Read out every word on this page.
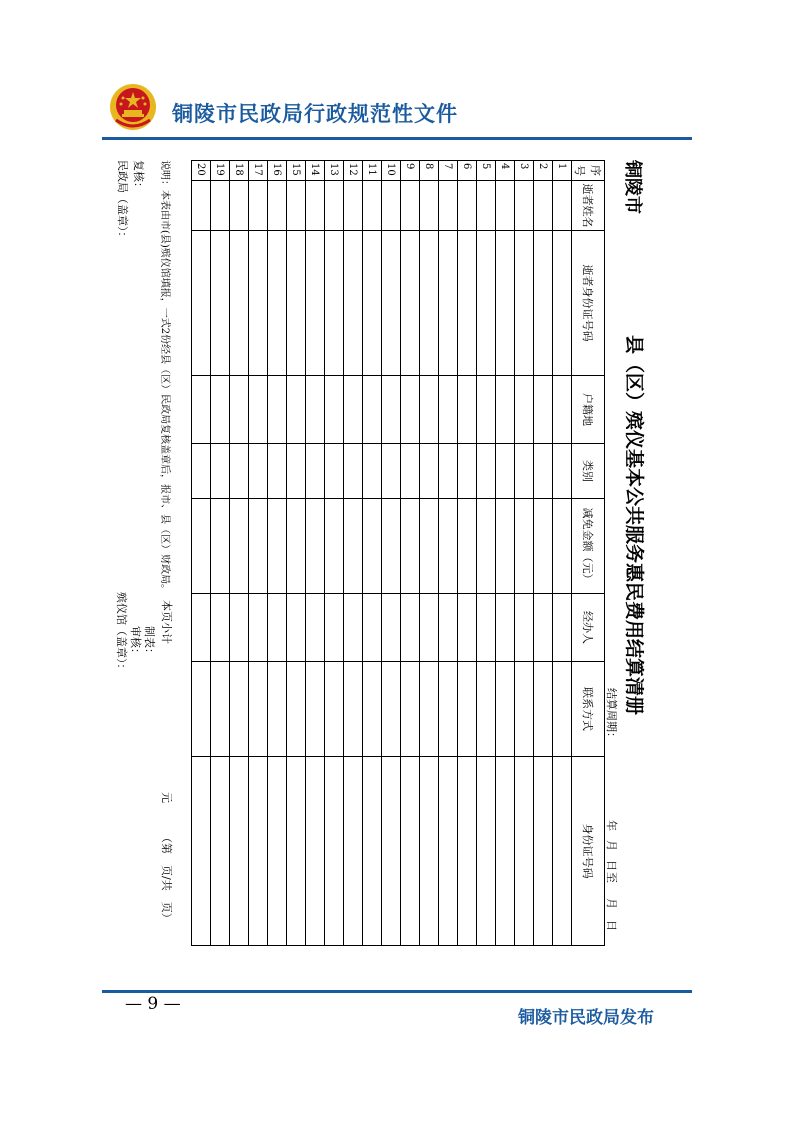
铜陵市民政局行政规范性文件
铜陵市
县（区）殡仪基本公共服务惠民费用结算清册
结算周期：
年
月
日
至
月
日
序号	逝者姓名	逝者身份证号码	户籍地	类别	减免金额（元）	经办人	联系方式	身份证号码
1								
2								
3								
4								
5								
6								
7								
8								
9								
10								
11								
12								
13								
14								
15								
16								
17								
18								
19								
20								
说明：本表由市(县)殡仪馆填报，一式2份经县（区）民政局复核盖章后，报市、县（区）财政局。
本页小计
元
（第　页/共　页）
复核：
民政局（盖章）：
制表：
审核：
殡仪馆（盖章）：
— 9 —
铜陵市民政局发布
